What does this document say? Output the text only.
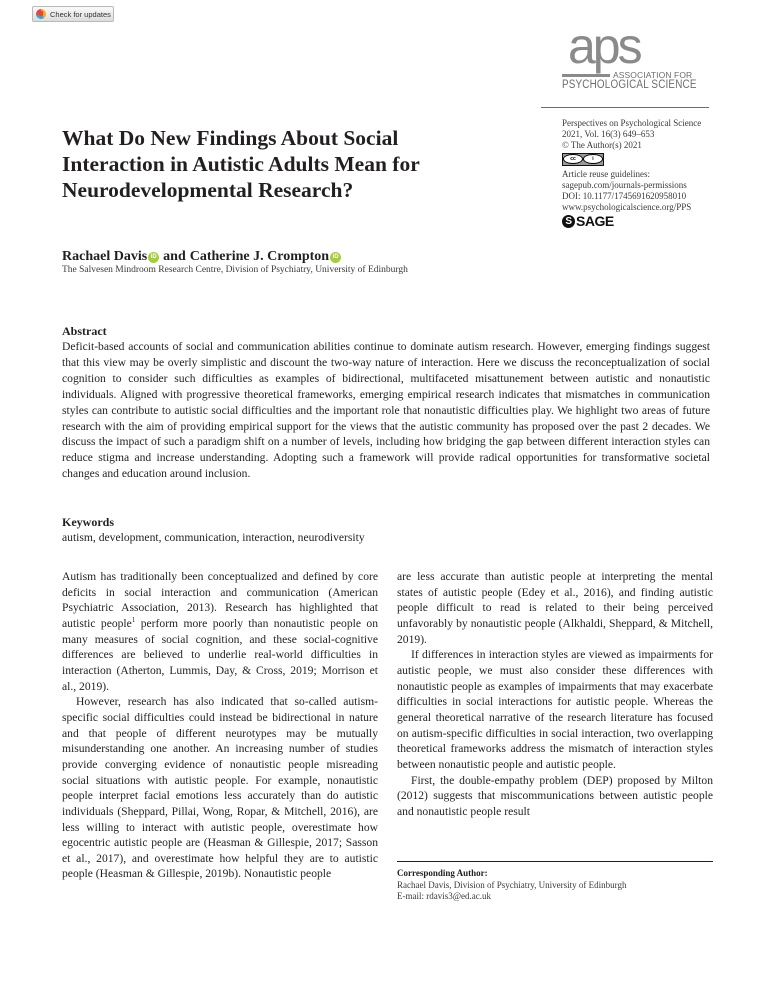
Check for updates
aps
ASSOCIATION FOR
PSYCHOLOGICAL SCIENCE
Perspectives on Psychological Science
2021, Vol. 16(3) 649–653
© The Author(s) 2021
cc	i
Article reuse guidelines:
sagepub.com/journals-permissions
DOI: 10.1177/1745691620958010
www.psychologicalscience.org/PPS
S SAGE
What Do New Findings About Social Interaction in Autistic Adults Mean for Neurodevelopmental Research?
Rachael Davis iD and Catherine J. Crompton iD
The Salvesen Mindroom Research Centre, Division of Psychiatry, University of Edinburgh
Abstract

Deficit-based accounts of social and communication abilities continue to dominate autism research. However, emerging findings suggest that this view may be overly simplistic and discount the two-way nature of interaction. Here we discuss the reconceptualization of social cognition to consider such difficulties as examples of bidirectional, multifaceted misattunement between autistic and nonautistic individuals. Aligned with progressive theoretical frameworks, emerging empirical research indicates that mismatches in communication styles can contribute to autistic social difficulties and the important role that nonautistic difficulties play. We highlight two areas of future research with the aim of providing empirical support for the views that the autistic community has proposed over the past 2 decades. We discuss the impact of such a paradigm shift on a number of levels, including how bridging the gap between different interaction styles can reduce stigma and increase understanding. Adopting such a framework will provide radical opportunities for transformative societal changes and education around inclusion.

Keywords
autism, development, communication, interaction, neurodiversity

Autism has traditionally been conceptualized and defined by core deficits in social interaction and communication (American Psychiatric Association, 2013). Research has highlighted that autistic people$^1$ perform more poorly than nonautistic people on many measures of social cognition, and these social-cognitive differences are believed to underlie real-world difficulties in interaction (Atherton, Lummis, Day, & Cross, 2019; Morrison et al., 2019).

However, research has also indicated that so-called autism-specific social difficulties could instead be bidirectional in nature and that people of different neurotypes may be mutually misunderstanding one another. An increasing number of studies provide converging evidence of nonautistic people misreading social situations with autistic people. For example, nonautistic people interpret facial emotions less accurately than do autistic individuals (Sheppard, Pillai, Wong, Ropar, & Mitchell, 2016), are less willing to interact with autistic people, overestimate how egocentric autistic people are (Heasman & Gillespie, 2017; Sasson et al., 2017), and overestimate how helpful they are to autistic people (Heasman & Gillespie, 2019b). Nonautistic people

are less accurate than autistic people at interpreting the mental states of autistic people (Edey et al., 2016), and finding autistic people difficult to read is related to their being perceived unfavorably by nonautistic people (Alkhaldi, Sheppard, & Mitchell, 2019).

If differences in interaction styles are viewed as impairments for autistic people, we must also consider these differences with nonautistic people as examples of impairments that may exacerbate difficulties in social interactions for autistic people. Whereas the general theoretical narrative of the research literature has focused on autism-specific difficulties in social interaction, two overlapping theoretical frameworks address the mismatch of interaction styles between nonautistic people and autistic people.

First, the double-empathy problem (DEP) proposed by Milton (2012) suggests that miscommunications between autistic people and nonautistic people result

Corresponding Author:
Rachael Davis, Division of Psychiatry, University of Edinburgh
E-mail: rdavis3@ed.ac.uk
